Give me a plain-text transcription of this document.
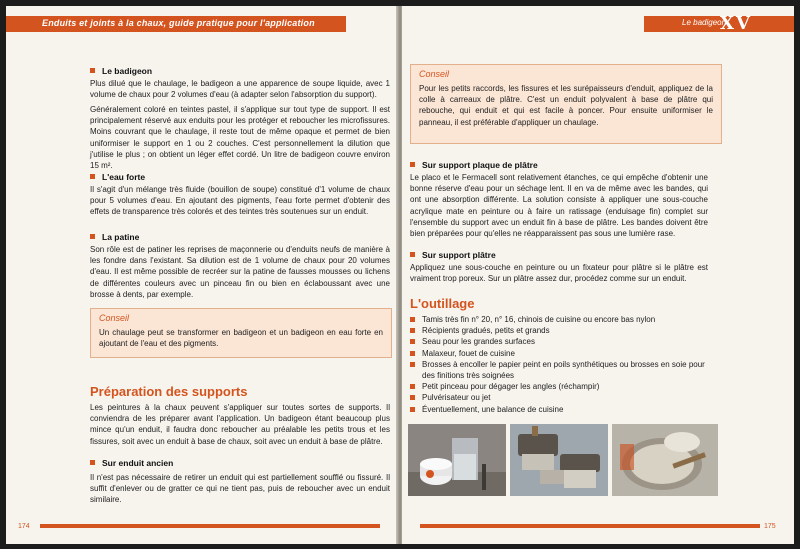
Enduits et joints à la chaux, guide pratique pour l'application
Le badigeon
Plus dilué que le chaulage, le badigeon a une apparence de soupe liquide, avec 1 volume de chaux pour 2 volumes d'eau (à adapter selon l'absorption du support).
Généralement coloré en teintes pastel, il s'applique sur tout type de support. Il est principalement réservé aux enduits pour les protéger et reboucher les microfissures. Moins couvrant que le chaulage, il reste tout de même opaque et permet de bien uniformiser le support en 1 ou 2 couches. C'est personnellement la dilution que j'utilise le plus ; on obtient un léger effet cordé. Un litre de badigeon couvre environ 15 m².
L'eau forte
Il s'agit d'un mélange très fluide (bouillon de soupe) constitué d'1 volume de chaux pour 5 volumes d'eau. En ajoutant des pigments, l'eau forte permet d'obtenir des effets de transparence très colorés et des teintes très soutenues sur un enduit.
La patine
Son rôle est de patiner les reprises de maçonnerie ou d'enduits neufs de manière à les fondre dans l'existant. Sa dilution est de 1 volume de chaux pour 20 volumes d'eau. Il est même possible de recréer sur la patine de fausses mousses ou lichens de différentes couleurs avec un pinceau fin ou bien en éclaboussant avec une brosse à dents, par exemple.
Conseil
Un chaulage peut se transformer en badigeon et un badigeon en eau forte en ajoutant de l'eau et des pigments.
Préparation des supports
Les peintures à la chaux peuvent s'appliquer sur toutes sortes de supports. Il conviendra de les préparer avant l'application. Un badigeon étant beaucoup plus mince qu'un enduit, il faudra donc reboucher au préalable les petits trous et les fissures, soit avec un enduit à base de chaux, soit avec un enduit à base de plâtre.
Sur enduit ancien
Il n'est pas nécessaire de retirer un enduit qui est partiellement soufflé ou fissuré. Il suffit d'enlever ou de gratter ce qui ne tient pas, puis de reboucher avec un enduit similaire.
174
Le badigeon
XV
Conseil
Pour les petits raccords, les fissures et les surépaisseurs d'enduit, appliquez de la colle à carreaux de plâtre. C'est un enduit polyvalent à base de plâtre qui rebouche, qui enduit et qui est facile à poncer. Pour ensuite uniformiser le panneau, il est préférable d'appliquer un chaulage.
Sur support plaque de plâtre
Le placo et le Fermacell sont relativement étanches, ce qui empêche d'obtenir une bonne réserve d'eau pour un séchage lent. Il en va de même avec les bandes, qui ont une absorption différente. La solution consiste à appliquer une sous-couche acrylique mate en peinture ou à faire un ratissage (enduisage fin) complet sur l'ensemble du support avec un enduit fin à base de plâtre. Les bandes doivent être bien préparées pour qu'elles ne réapparaissent pas sous une lumière rase.
Sur support plâtre
Appliquez une sous-couche en peinture ou un fixateur pour plâtre si le plâtre est vraiment trop poreux. Sur un plâtre assez dur, procédez comme sur un enduit.
L'outillage
Tamis très fin n° 20, n° 16, chinois de cuisine ou encore bas nylon
Récipients gradués, petits et grands
Seau pour les grandes surfaces
Malaxeur, fouet de cuisine
Brosses à encoller le papier peint en poils synthétiques ou brosses en soie pour des finitions très soignées
Petit pinceau pour dégager les angles (réchampir)
Pulvérisateur ou jet
Éventuellement, une balance de cuisine
175
